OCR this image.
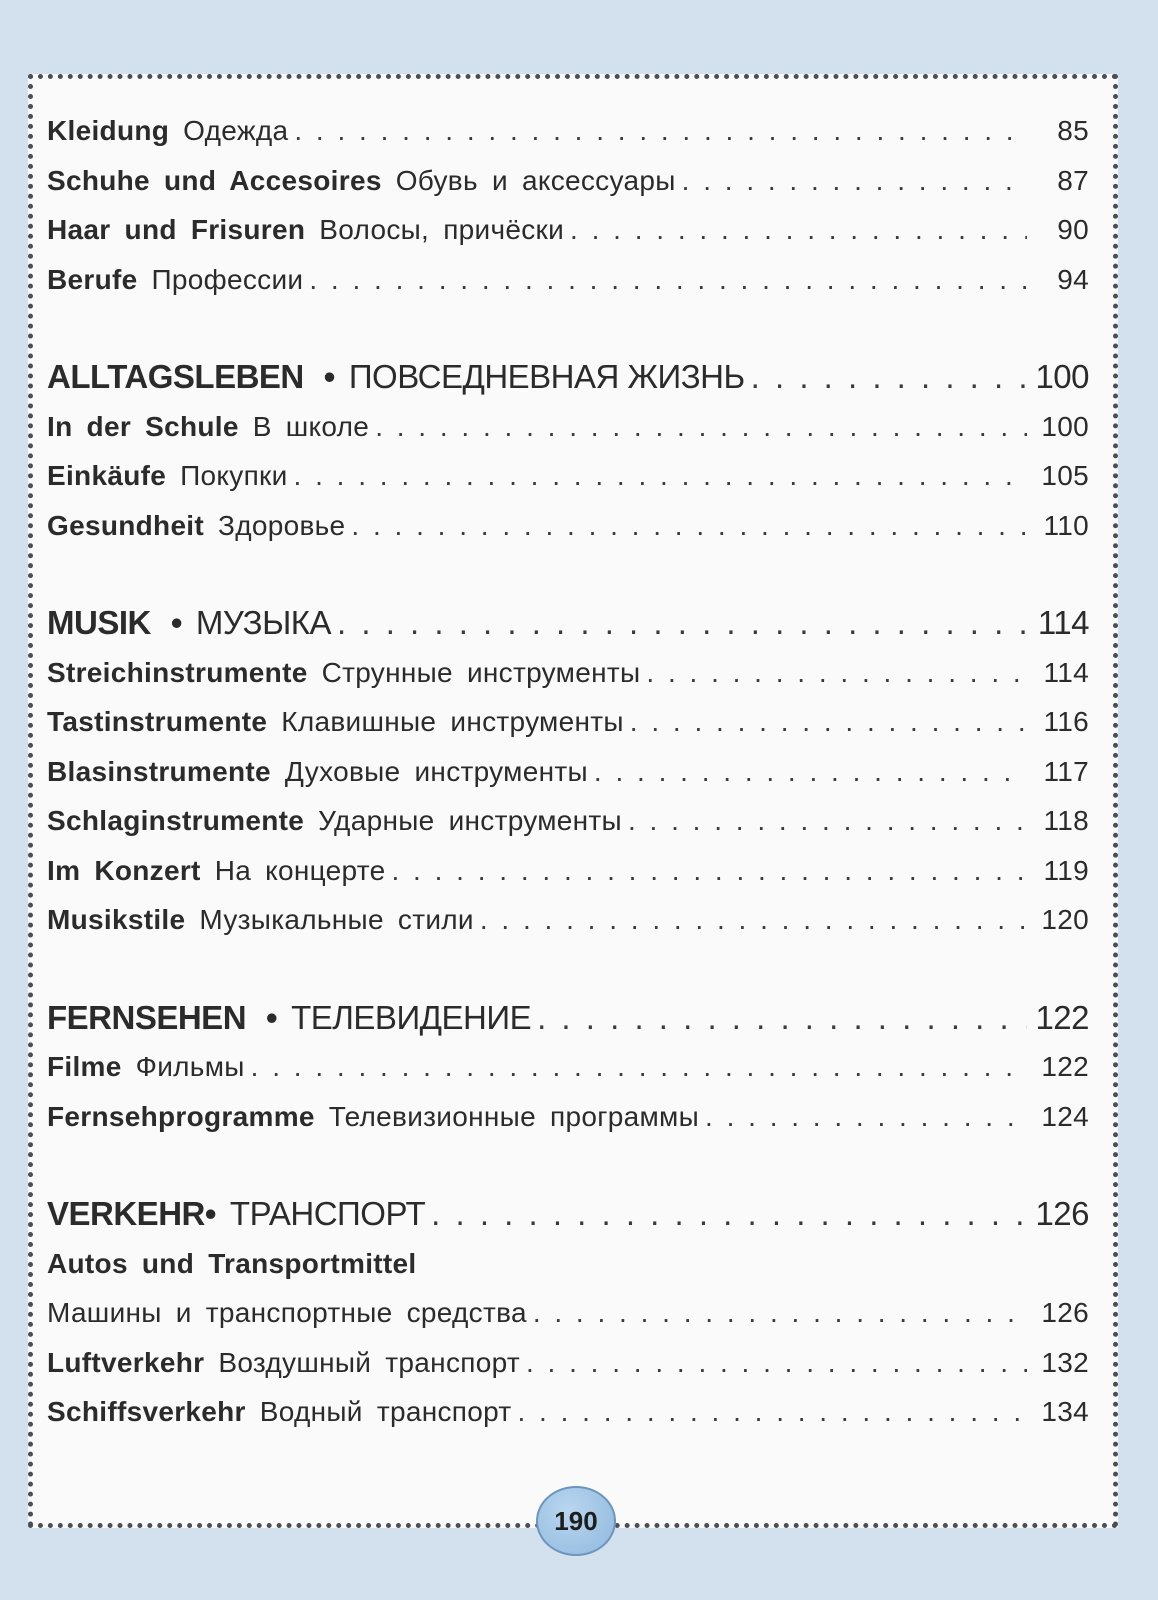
Kleidung Одежда . . .	85
Schuhe und Accesoires Обувь и аксессуары . . .	87
Haar und Frisuren Волосы, причёски . . .	90
Berufe Профессии . . .	94
ALLTAGSLEBEN • ПОВСЕДНЕВНАЯ ЖИЗНЬ . . .	100
In der Schule В школе . . .	100
Einkäufe Покупки . . .	105
Gesundheit Здоровье . . .	110
MUSIK • МУЗЫКА . . .	114
Streichinstrumente Струнные инструменты . . .	114
Tastinstrumente Клавишные инструменты . . .	116
Blasinstrumente Духовые инструменты . . .	117
Schlaginstrumente Ударные инструменты . . .	118
Im Konzert На концерте . . .	119
Musikstile Музыкальные стили . . .	120
FERNSEHEN • ТЕЛЕВИДЕНИЕ . . .	122
Filme Фильмы . . .	122
Fernsehprogramme Телевизионные программы . . .	124
VERKEHR • ТРАНСПОРТ . . .	126
Autos und Transportmittel
Машины и транспортные средства . . .	126
Luftverkehr Воздушный транспорт . . .	132
Schiffsverkehr Водный транспорт . . .	134
190
